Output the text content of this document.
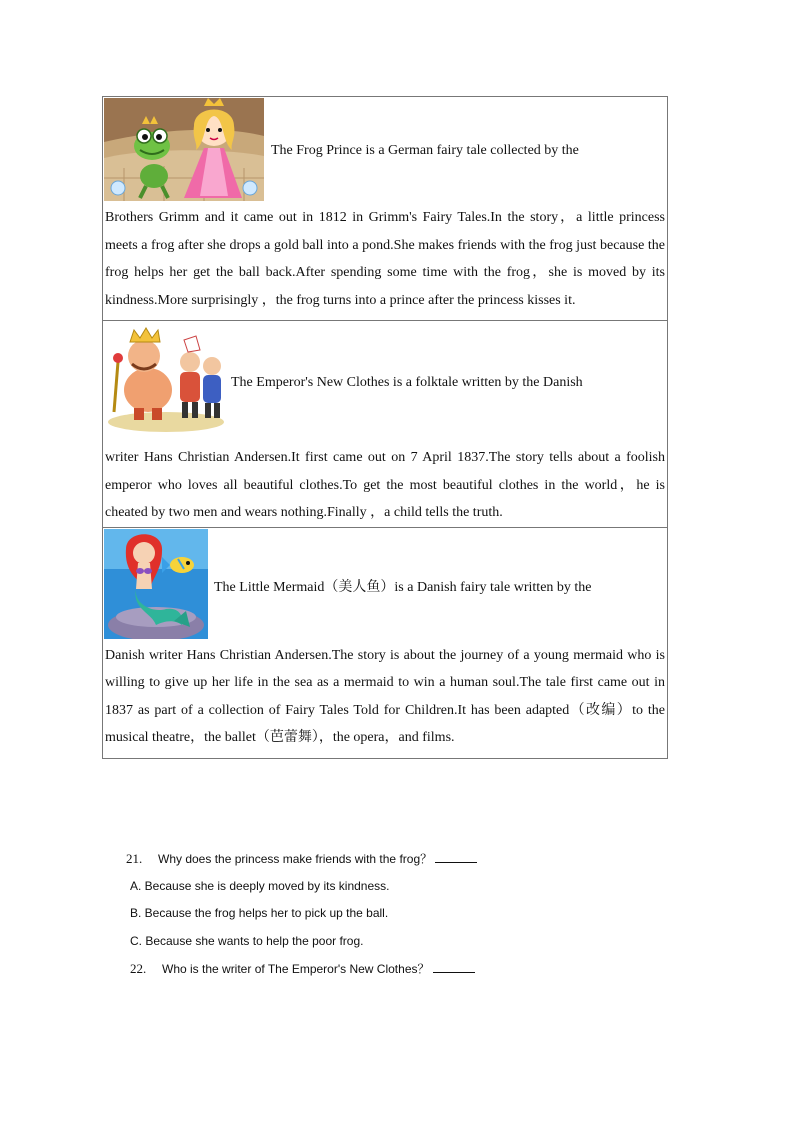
The Frog Prince is a German fairy tale collected by the
Brothers Grimm and it came out in 1812 in Grimm's Fairy Tales.In the story，a little princess meets a frog after she drops a gold ball into a pond.She makes friends with the frog just because the frog helps her get the ball back.After spending some time with the frog，she is moved by its kindness.More surprisingly ，the frog turns into a prince after the princess kisses it.
The Emperor's New Clothes is a folktale written by the Danish
writer Hans Christian Andersen.It first came out on 7 April 1837.The story tells about a foolish emperor who loves all beautiful clothes.To get the most beautiful clothes in the world，he is cheated by two men and wears nothing.Finally ，a child tells the truth.
The Little Mermaid（美人鱼）is a Danish fairy tale written by the
Danish writer Hans Christian Andersen.The story is about the journey of a young mermaid who is willing to give up her life in the sea as a mermaid to win a human soul.The tale first came out in 1837 as part of a collection of Fairy Tales Told for Children.It has been adapted（改编）to the musical theatre，the ballet（芭蕾舞），the opera，and films.
21. Why does the princess make friends with the frog？
A. Because she is deeply moved by its kindness.
B. Because the frog helps her to pick up the ball.
C. Because she wants to help the poor frog.
22. Who is the writer of The Emperor's New Clothes？
